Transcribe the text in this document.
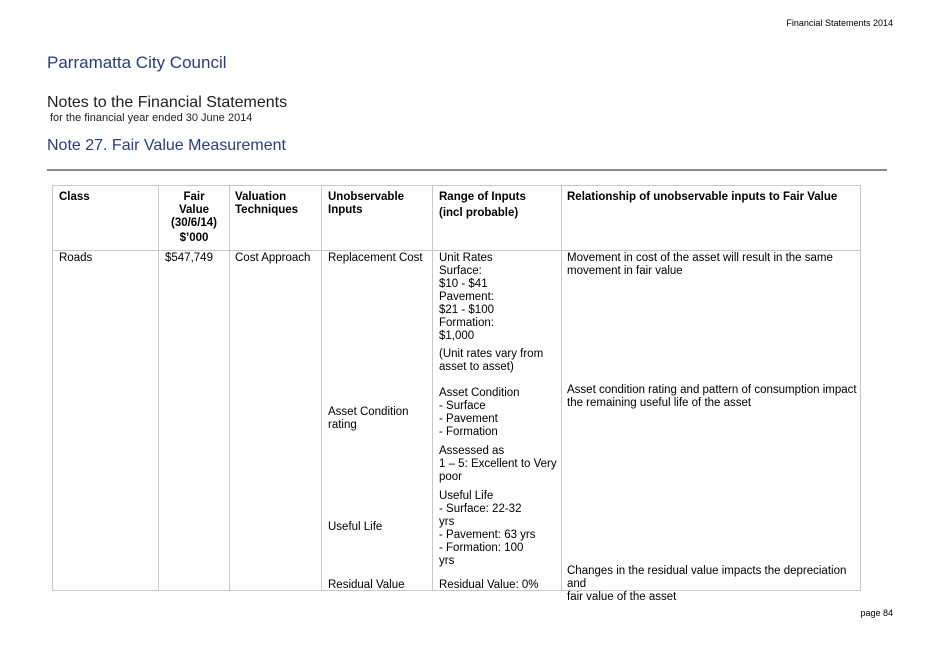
Financial Statements 2014
Parramatta City Council
Notes to the Financial Statements
for the financial year ended 30 June 2014
Note 27. Fair Value Measurement
Class	Fair
Value
(30/6/14)
$’000
Valuation
Techniques
Unobservable
Inputs
Range of Inputs
(incl probable)
Relationship of unobservable inputs to Fair Value
Roads	$547,749 Cost Approach Replacement Cost
Asset Condition
rating
Useful Life
Residual Value
Unit Rates
Surface:
$10 - $41
Pavement:
$21 - $100
Formation:
$1,000
(Unit rates vary from
asset to asset)
Asset Condition
- Surface
- Pavement
- Formation
Assessed as
1 – 5: Excellent to Very
poor
Useful Life
- Surface: 22-32
yrs
- Pavement: 63 yrs
- Formation: 100
yrs
Residual Value: 0%
Movement in cost of the asset will result in the same
movement in fair value
Asset condition rating and pattern of consumption impact
the remaining useful life of the asset
Changes in the residual value impacts the depreciation and
fair value of the asset
page 84
